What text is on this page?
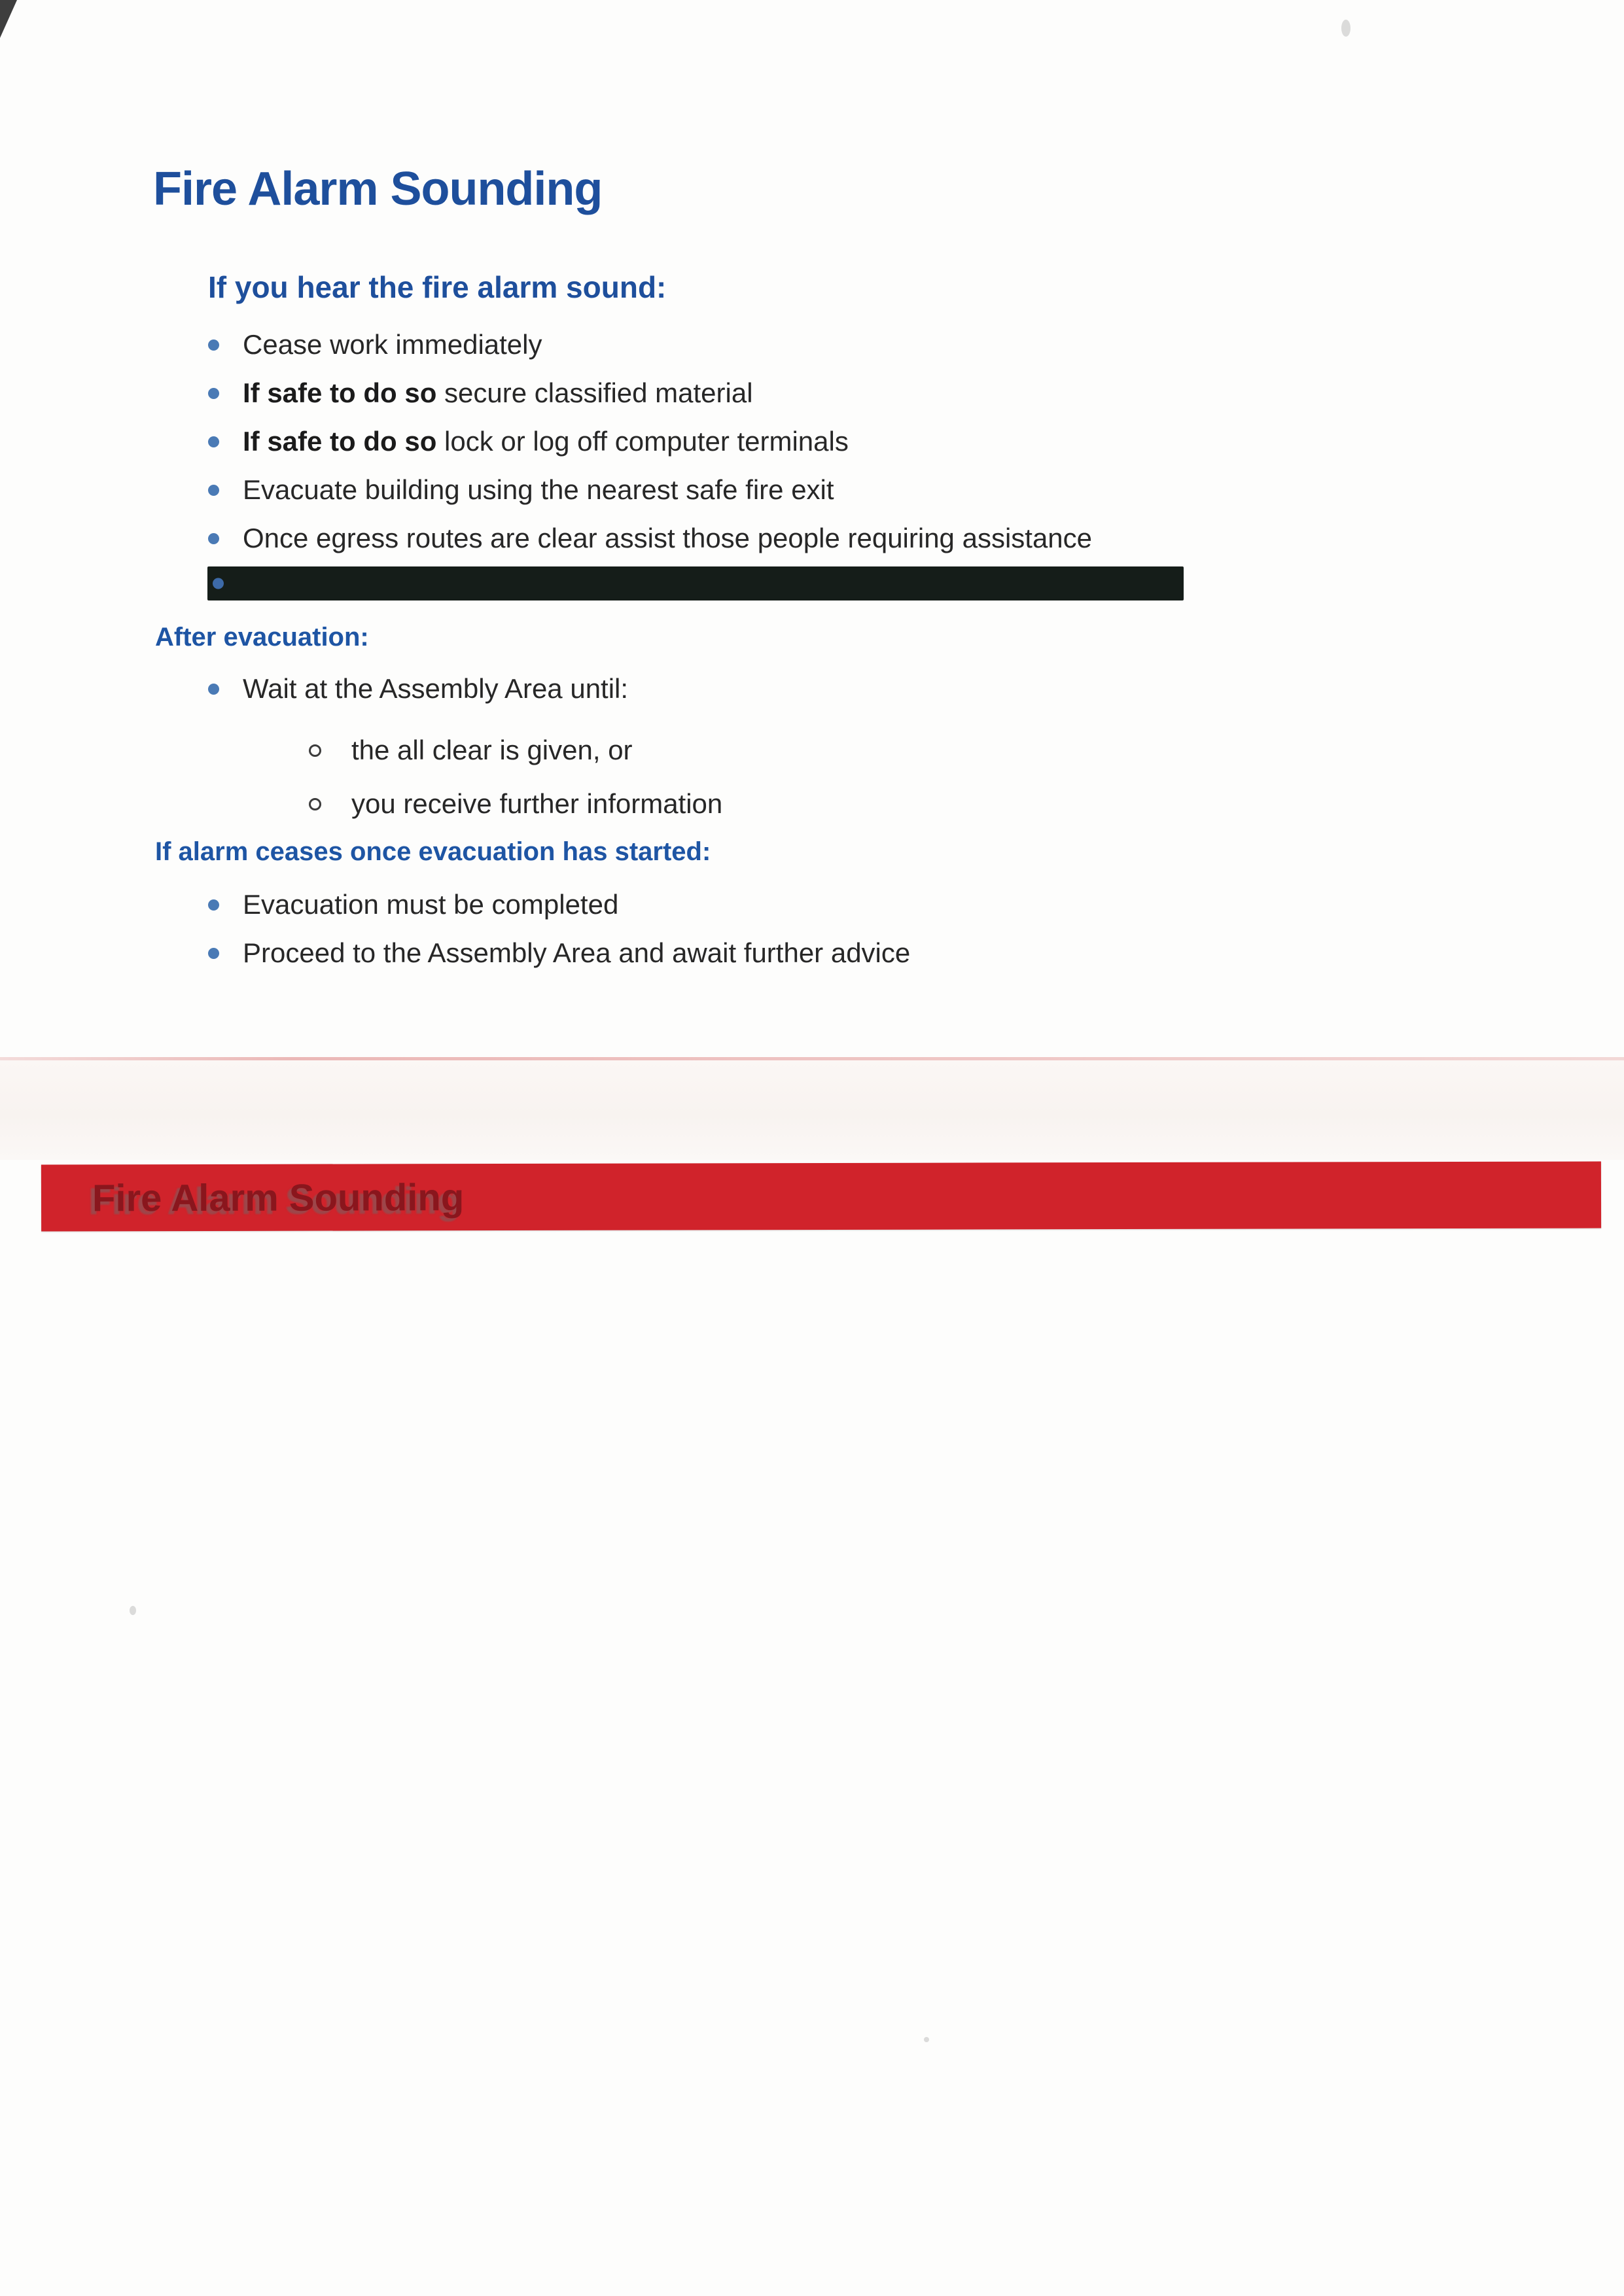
Fire Alarm Sounding
If you hear the fire alarm sound:
Cease work immediately
If safe to do so secure classified material
If safe to do so lock or log off computer terminals
Evacuate building using the nearest safe fire exit
Once egress routes are clear assist those people requiring assistance
After evacuation:
Wait at the Assembly Area until:
the all clear is given, or
you receive further information
If alarm ceases once evacuation has started:
Evacuation must be completed
Proceed to the Assembly Area and await further advice
Fire Alarm Sounding
